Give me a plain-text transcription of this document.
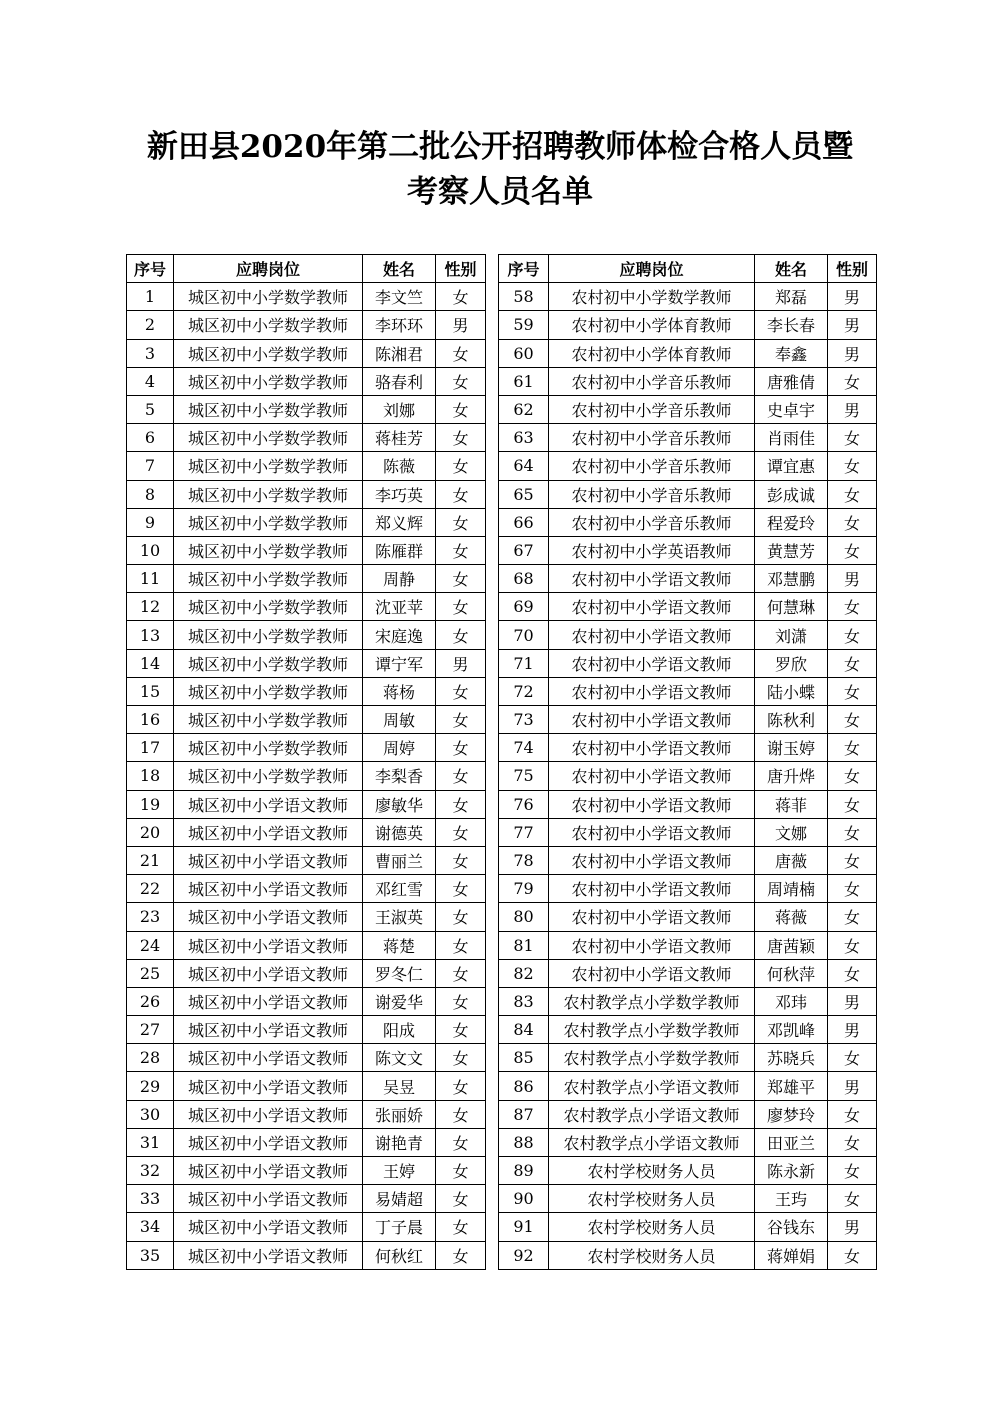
新田县2020年第二批公开招聘教师体检合格人员暨
考察人员名单
序号	应聘岗位	姓名	性别
1	城区初中小学数学教师	李文竺	女
2	城区初中小学数学教师	李环环	男
3	城区初中小学数学教师	陈湘君	女
4	城区初中小学数学教师	骆春利	女
5	城区初中小学数学教师	刘娜	女
6	城区初中小学数学教师	蒋桂芳	女
7	城区初中小学数学教师	陈薇	女
8	城区初中小学数学教师	李巧英	女
9	城区初中小学数学教师	郑义辉	女
10	城区初中小学数学教师	陈雁群	女
11	城区初中小学数学教师	周静	女
12	城区初中小学数学教师	沈亚苹	女
13	城区初中小学数学教师	宋庭逸	女
14	城区初中小学数学教师	谭宁军	男
15	城区初中小学数学教师	蒋杨	女
16	城区初中小学数学教师	周敏	女
17	城区初中小学数学教师	周婷	女
18	城区初中小学数学教师	李梨香	女
19	城区初中小学语文教师	廖敏华	女
20	城区初中小学语文教师	谢德英	女
21	城区初中小学语文教师	曹丽兰	女
22	城区初中小学语文教师	邓红雪	女
23	城区初中小学语文教师	王淑英	女
24	城区初中小学语文教师	蒋楚	女
25	城区初中小学语文教师	罗冬仁	女
26	城区初中小学语文教师	谢爱华	女
27	城区初中小学语文教师	阳成	女
28	城区初中小学语文教师	陈文文	女
29	城区初中小学语文教师	吴昱	女
30	城区初中小学语文教师	张丽娇	女
31	城区初中小学语文教师	谢艳青	女
32	城区初中小学语文教师	王婷	女
33	城区初中小学语文教师	易婧超	女
34	城区初中小学语文教师	丁子晨	女
35	城区初中小学语文教师	何秋红	女
序号	应聘岗位	姓名	性别
58	农村初中小学数学教师	郑磊	男
59	农村初中小学体育教师	李长春	男
60	农村初中小学体育教师	奉鑫	男
61	农村初中小学音乐教师	唐雅倩	女
62	农村初中小学音乐教师	史卓宇	男
63	农村初中小学音乐教师	肖雨佳	女
64	农村初中小学音乐教师	谭宜惠	女
65	农村初中小学音乐教师	彭成诚	女
66	农村初中小学音乐教师	程爱玲	女
67	农村初中小学英语教师	黄慧芳	女
68	农村初中小学语文教师	邓慧鹏	男
69	农村初中小学语文教师	何慧琳	女
70	农村初中小学语文教师	刘潇	女
71	农村初中小学语文教师	罗欣	女
72	农村初中小学语文教师	陆小蝶	女
73	农村初中小学语文教师	陈秋利	女
74	农村初中小学语文教师	谢玉婷	女
75	农村初中小学语文教师	唐升烨	女
76	农村初中小学语文教师	蒋菲	女
77	农村初中小学语文教师	文娜	女
78	农村初中小学语文教师	唐薇	女
79	农村初中小学语文教师	周靖楠	女
80	农村初中小学语文教师	蒋薇	女
81	农村初中小学语文教师	唐茜颖	女
82	农村初中小学语文教师	何秋萍	女
83	农村教学点小学数学教师	邓玮	男
84	农村教学点小学数学教师	邓凯峰	男
85	农村教学点小学数学教师	苏晓兵	女
86	农村教学点小学语文教师	郑雄平	男
87	农村教学点小学语文教师	廖梦玲	女
88	农村教学点小学语文教师	田亚兰	女
89	农村学校财务人员	陈永新	女
90	农村学校财务人员	王玙	女
91	农村学校财务人员	谷钱东	男
92	农村学校财务人员	蒋婵娟	女
